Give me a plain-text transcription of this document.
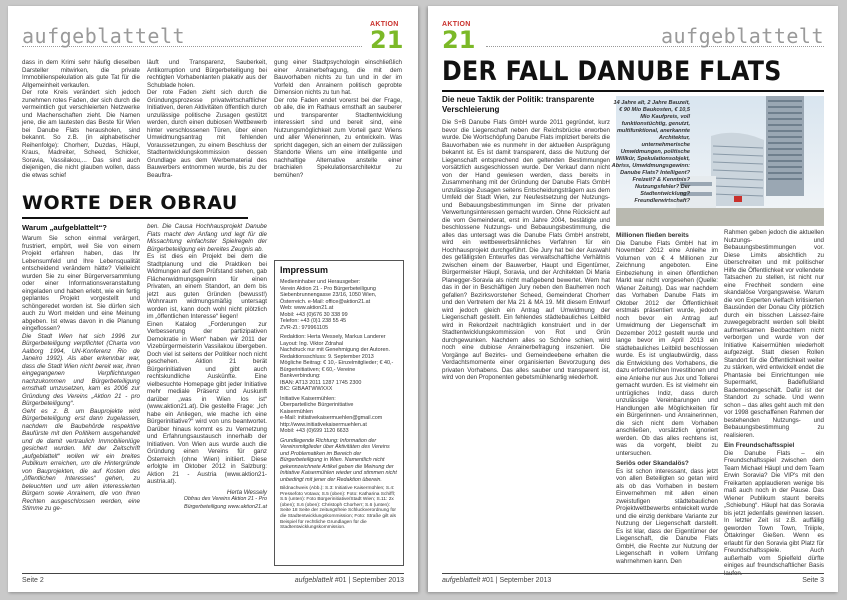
aufgeblattelt	AKTION
21

dass in dem Krimi sehr häufig dieselben Darsteller mitwirken, die private Immobilienspekulation als gute Tat für die Allgemeinheit verkaufen.

Der rote Kreis verändert sich jedoch zunehmen rotes Faden, der sich durch die vermeintlich gut verschleierten Netzwerke und Machenschaften zieht. Die Namen jene, die am lautesten das Beste für Wien bei Danube Flats herausholen, sind bekannt. So z.B. (in alphabetischer Reihenfolge): Chorherr, Duzdas, Häupl, Kraus, Madreiter, Scheed, Schicker, Soravia, Vassilakou,... Das sind auch diejenigen, die nicht glauben wollen, dass die etwas schief

läuft und Transparenz, Sauberkeit, Antikorruption und Bürgerbeteiligung bei rechtigten Vorhabenlanten plakativ aus der Schublade holen.

Der rote Faden zieht sich durch die Gründungsprozesse privatwirtschaftlicher Initiativen, deren Aktivitäten öffentlich durch unzulässige politische Zusagen gestützt werden, durch einen dubiosen Wettbewerb hinter verschlossenen Türen, über einen Umwidmungsantrag mit fehlenden Voraussetzungen, zu einem Beschluss der Stadtentwicklungskommission dessen Grundlage aus dem Werbematerial des Bauwerbers entnommen wurde, bis zu der Beauftra-

gung einer Stadtpsychologin einschließlich einer Anrainerbefragung, die mit dem Bauvorhaben nichts zu tun und in der im Vorfeld den Anrainern politisch geprobte Dimension nichts zu tun hat.

Der rote Faden endet vorerst bei der Frage, ob alle, die im Rathaus ernsthaft an sauberer und transparenter Stadtentwicklung interessiert sind und bereit sind, eine Nutzungsmöglichkeit zum Vorteil ganz Wiens und aller Wienerinnen, zu entwickeln. Was spricht dagegen, sich an einem der zulässigen Standorte Wiens um eine intelligente und nachhaltige Alternative anstelle einer brachialen Spekulationsarchitektur zu bemühen?

WORTE DER OBRAU
Warum „aufgeblattelt“?

Warum Sie schon einmal verärgert, frustriert, empört, weil Sie von einem Projekt erfahren haben, das Ihr Lebensumfeld und Ihre Lebensqualität entscheidend verändern hätte? Vielleicht wurden Sie zu einer Bürgerversammlung oder einer Informationsveranstaltung eingeladen und haben erlebt, wie ein fertig geplantes Projekt vorgestellt und schöngeredet worden ist. Sie dürfen sich auch zu Wort melden und eine Meinung abgeben. Ist etwas davon in die Planung eingeflossen?

Die Stadt Wien hat sich 1996 zur Bürgerbeteiligung verpflichtet (Charta von Aalborg 1994, UN-Konferenz Rio de Janeiro 1992). Als aber erkennbar war, dass die Stadt Wien nicht bereit war, ihren eingegangenen Verpflichtungen nachzukommen und Bürgerbeteiligung ernsthaft umzusetzen, kam es 2006 zur Gründung des Vereins „Aktion 21 - pro Bürgerbeteiligung“.

Geht es z. B. um Bauprojekte wird Bürgerbeteiligung erst dann zugelassen, nachdem die Baubehörde respektive Baufürste mit den Politikern ausgehandelt und de damit vertraulich Immobilienlüge gesichert wurden. Mit der Zeitschrift „aufgeblattelt“ wollen wir ein breites Publikum erreichen, um die Hintergründe von Bauprojekten, die auf Kosten des „öffentlichen Interesses“ gehen, zu beleuchten und um allen interessierten Bürgern sowie Anrainern, die von Ihren Rechten ausgeschlossen werden, eine Stimme zu ge-

ben. Die Causa Hochhausprojekt Danube Flats macht den Anfang und legt für die Missachtung einfachster Spielregeln der Bürgerbeteiligung ein bereites Zeugnis ab.

Es ist dies ein Projekt bei dem die Stadtplanung und die Praktiken bei Widmungen auf dem Prüfstand stehen, gab Flächenwidmungsgewinn für einen Privaten, an einem Standort, an dem bis jetzt aus guten Gründen (bewusst!) Wohnraum widmungsmäßig untersagt worden ist, kann doch wohl nicht plötzlich im „öffentlichen Interesse“ liegen!

Einen Katalog „Forderungen zur Verbesserung der partizipativen Demokratie in Wien“ haben wir 2011 der Vizebürgermeisterin Vassilakou übergeben. Doch viel ist seitens der Politiker noch nicht geschehen. Aktion 21 berät Bürgerinitiativen und gibt auch rechtskundliche Auskünfte. Eine vielbesuchte Homepage gibt jeder Initiative mehr mediale Präsenz und Auskunft darüber „was in Wien los ist“ (www.aktion21.at). Die gestellte Frage: „Ich habe ein Anliegen, wie mache ich eine Bürgerinitiative?“ wird von uns beantwortet. Darüber hinaus kommt es zu Vernetzung und Erfahrungsaustausch innerhalb der Initiativen. Von Wien aus wurde auch die Gründung einen Vereins für ganz Österreich (ohne Wien) initiiert. Diese erfolgte im Oktober 2012 in Salzburg: Aktion 21 - Austria (www.aktion21-austria.at).

Herta Wessely

Obfrau des Vereins Aktion 21 - Pro Bürgerbeteiligung www.aktion21.at

Impressum
Medieninhaber und Herausgeber:
Verein Aktion 21 - Pro Bürgerbeteiligung
Siebenbrunnengasse 23/16, 1050 Wien, Österreich. e-Mail: office@aktion21.at
Web: www.aktion21.at
Mobil: +43 (0)676 30 338 99
Telefon: +43 (0)1 238 55 45
ZVR-Zl.: 979961105
Redaktion: Herta Wessely, Markus Landerer
Layout: Ing. Viktor Zdrahal
Nachdruck nur mit Genehmigung der Autoren. Redaktionsschluss: 9. September 2013
Mögliche Beitrag: € 10,- Einzelmitglieder; € 40,- Bürgerinitiativen; € 60,- Vereine
Bankverbindung:
IBAN: AT13 2011 1287 1745 2300
BIC: GIBAATWWXXX
Initiative Kaisermühlen:
Überparteiliche Bürgerinitiative
Kaisermühlen
e-Mail: initiativekaisermuehlen@gmail.com
http://www.initiativekaisermuehlen.at
Mobil: +43 (0)699 1120 6633
Grundlegende Richtung: Information der Vereinsmitglieder über Aktivitäten des Vereins und Problematiken im Bereich der Bürgerbeteiligung in Wien. Namentlich nicht gekennzeichnete Artikel geben die Meinung der Initiative Kaisermühlen wieder und stimmen nicht unbedingt mit jener der Redaktion überein.
Bildnachweis (Abb.): S.3: Initiative Kaisermühlen; S.4: Pressefoto Votava; S.5 (oben): Foto: Katharina Schiffl; S.5 (unten): Foto Bürgerinitiative/Stadt Wien; S.11: 2x (oben); S.6 (oben): Christoph Chorherr; S.6 (unten): Seite 18 Seite der zeitungsfreie Schluckverordnung für die Stadtentwicklungskommission; Foto: Straße gilt als Beispiel für rechtliche Grundlagen für die Stadtentwicklungskommission.
Seite 2	aufgeblattelt #01 | September 2013
AKTION
21	aufgeblattelt
DER FALL DANUBE FLATS
Die neue Taktik der Politik: transparente Verschleierung
14 Jahre alt, 2 Jahre Bauzeit, € 90 Mio Baukosten, € 10,5 Mio Kaufpreis, voll funktionstüchtig, genutzt, multifunktional, anerkannte Architektur, unternehmerische Umwidmungen, politische Willkür, Spekulationsobjekt, Abriss, Umwidmungsgewinn: Danube Flats? Intelligent? Freizeit? & Kenntnis? Nutzungsfehler? Der Stadtentwicklung? Freundlerwirtschaft?

Die S+B Danube Flats GmbH wurde 2011 gegründet, kurz bevor die Liegenschaft neben der Reichsbrücke erworben wurde. Die Wortschöpfung Danube Flats impliziert bereits die Bauvorhaben wie es nunmehr in der aktuellen Ausprägung bekannt ist. Es ist damit transparent, dass die Nutzung der Liegenschaft entsprechend den geltenden Bestimmungen vorsätzlich ausgeschlossen wurde. Der Verkauf dann nicht von der Hand gewiesen werden, dass bereits in Zusammenhang mit der Gründung der Danube Flats GmbH unzulässige Zusagen seitens Entscheidungsträgern aus dem Umfeld der Stadt Wien, zur Neufestsetzung der Nutzungs- und Bebauungsbestimmungen im Sinne der privaten Verwertungsinteressen gemacht wurden. Ohne Rücksicht auf die vom Gemeinderat, erst im Jahre 2004, bestätigte und beschlossene Nutzungs- und Bebauungsbestimmung, die alles das untersagt was die Danube Flats GmbH anstrebt, wird ein wettbewerbsähnliches Verfahren für ein Hochhausprojekt durchgeführt. Die Jury hat bei der Auswahl des gefälligsten Entwurfes das verwaltschaftliche Verhältnis zwischen einem der Bauwerber, Haupt und Eigentümer, Bürgermeister Häupl, Soravia, und der Architekten Di Maria Planegger-Soravia als nicht maßgebend bewertet. Wem hat das in der in Beschäftigen Jury neben den Bauherren noch gefallen? Bezirksvorsteher Scheed, Gemeinderat Chorherr und den Vertretern der Ma 21 & MA 19. Mit diesem Entwurf wird jedoch gleich ein Antrag auf Umwidmung der Liegenschaft gestellt. Ein fehlendes städtebauliches Leitbild wird in Rekordzeit nachträglich konstruiert und in der Stadtentwicklungskommission von Rot und Grün durchgewunken. Nachdem alles so Schöne schien, wird noch eine dubiose Anrainerbefragung inszeniert. Die Vorgänge auf Bezirks- und Gemeindeebene erhalten die Verdachtsmomente einer organisierten Bevorzugung des privaten Vorhabens. Das alles sauber und transparent ist, wird von den Proponenten gebetsmühlenartig wiederholt.

Millionen fließen bereits

Die Danube Flats GmbH hat im November 2012 eine Anleihe im Volumen von € 4 Millionen zur Zeichnung angeboten. Eine Einbeziehung in einen öffentlichen Markt war nicht vorgesehen (Quelle: Wiener Zeitung). Das war nachdem das Vorhaben Danube Flats im Oktober 2012 der Öffentlichkeit erstmals präsentiert wurde, jedoch noch bevor ein Antrag auf Umwidmung der Liegenschaft im Dezember 2012 gestellt wurde und lange bevor im April 2013 ein städtebauliches Leitbild beschlossen wurde. Es ist unglaubwürdig, dass die Entwicklung des Vorhabens, die dazu erforderlichen Investitionen und eine Anleihe nur aus Jux und Tollerei gemacht wurden. Es ist vielmehr ein untrügliches Indiz, dass durch unzulässige Vereinbarungen und Handlungen alle Möglichkeiten für ein Bürgerinnen- und Anrainerinnen, die sich nicht dem Vorhaben anschließen, vorsätzlich ignoriert werden. Ob das alles rechtens ist, was da vorgeht, bleibt zu untersuchen.

Seriös oder Skandalös?

Es ist schon interessant, dass jetzt von allen Beteiligten so getan wird als ob das Vorhaben in bestem Einvernehmen mit allen einen zweistufigen städtebaulichen Projektwettbewerbs entwickelt wurde und die einzig denkbare Variante zur Nutzung der Liegenschaft darstellt. Es ist klar, dass der Eigentümer der Liegenschaft, die Danube Flats GmbH, die Rechte zur Nutzung der Liegenschaft in vollem Umfang wahrnehmen kann. Den

Rahmen geben jedoch die aktuellen Nutzungs- und Bebauungsbestimmungen vor. Diese Limits absichtlich zu überschreiten und mit politischer Hilfe die Öffentlichkeit vor vollendete Tatsachen zu stellen, ist nicht nur eine Frechheit sondern eine skandalöse Vorgangsweise. Warum die von Experten vielfach kritisierten Bausünden der Donau City plötzlich durch ein bisschen Laissez-faire zuwegegebracht werden soll bleibt aufmerksamen Beobachtern nicht verborgen und wurde von der Initiative Kaisermühlen wiederholt aufgezeigt. Statt diesen Rollen Standort für die Öffentlichkeit weiter zu stärken, wird entwickelt endet die Phantasie bei Einrichtungen wie Supermarkt, Badeflußland Bademodengeschäft. Dafür ist der Standort zu schade. Und wenn schon – das alles geht auch mit den vor 1998 geschaffenen Rahmen der bestehenden Nutzungs- und Bebauungsbestimmung zu realisieren.

Ein Freundschaftsspiel

Die Danube Flats – ein Freundschaftsspiel zwischen dem Team Michael Häupl und dem Team Erwin Soravia? Die VIP's mit den Freikarten applaudieren wenige bis maß auch noch in der Pause. Das Wiener Publikum staunt bereits „Schiebung“. Häupl hat das Soravia bis jetzt jedenfalls gewinnen lassen. In letzter Zeit ist z.B. auffällig geworden Town Town, Triiiple, Ottakringer Gießen. Wenn es erlaubt für den Soravia gibt Platz für Freundschaftsspiele. Auch außerhalb vom Spielfeld dürfte einiges auf freundschaftlicher Basis laufen.

aufgeblattelt #01 | September 2013	Seite 3
